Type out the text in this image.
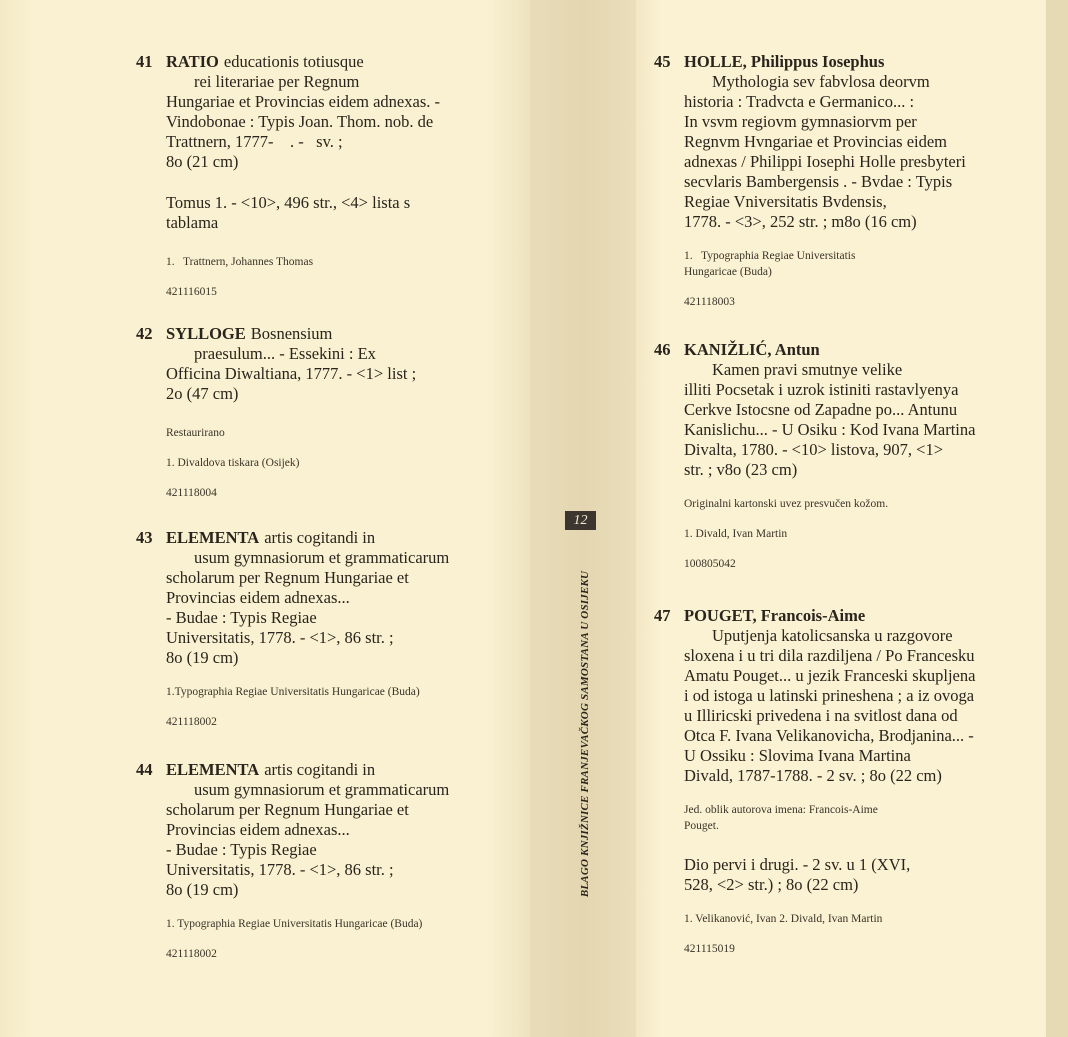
41 RATIO educationis totiusque
rei literariae per Regnum
Hungariae et Provincias eidem adnexas. -
Vindobonae : Typis Joan. Thom. nob. de
Trattnern, 1777-    . -   sv. ;
8o (21 cm)
Tomus 1. - <10>, 496 str., <4> lista s
tablama
1.   Trattnern, Johannes Thomas
421116015
42 SYLLOGE Bosnensium
praesulum... - Essekini : Ex
Officina Diwaltiana, 1777. - <1> list ;
2o (47 cm)
Restaurirano
1. Divaldova tiskara (Osijek)
421118004
43 ELEMENTA artis cogitandi in
usum gymnasiorum et grammaticarum
scholarum per Regnum Hungariae et
Provincias eidem adnexas...
- Budae : Typis Regiae
Universitatis, 1778. - <1>, 86 str. ;
8o (19 cm)
1.Typographia Regiae Universitatis Hungaricae (Buda)
421118002
44 ELEMENTA artis cogitandi in
usum gymnasiorum et grammaticarum
scholarum per Regnum Hungariae et
Provincias eidem adnexas...
- Budae : Typis Regiae
Universitatis, 1778. - <1>, 86 str. ;
8o (19 cm)
1. Typographia Regiae Universitatis Hungaricae (Buda)
421118002
12
BLAGO KNJIŽNICE FRANJEVAČKOG SAMOSTANA U OSIJEKU
45 HOLLE, Philippus Iosephus
Mythologia sev fabvlosa deorvm
historia : Tradvcta e Germanico... :
In vsvm regiovm gymnasiorvm per
Regnvm Hvngariae et Provincias eidem
adnexas / Philippi Iosephi Holle presbyteri
secvlaris Bambergensis . - Bvdae : Typis
Regiae Vniversitatis Bvdensis,
1778. - <3>, 252 str. ; m8o (16 cm)
1.   Typographia Regiae Universitatis
Hungaricae (Buda)
421118003
46 KANIŽLIĆ, Antun
Kamen pravi smutnye velike
illiti Pocsetak i uzrok istiniti rastavlyenya
Cerkve Istocsne od Zapadne po... Antunu
Kanislichu... - U Osiku : Kod Ivana Martina
Divalta, 1780. - <10> listova, 907, <1>
str. ; v8o (23 cm)
Originalni kartonski uvez presvučen kožom.
1. Divald, Ivan Martin
100805042
47 POUGET, Francois-Aime
Uputjenja katolicsanska u razgovore
sloxena i u tri dila razdiljena / Po Francesku
Amatu Pouget... u jezik Franceski skupljena
i od istoga u latinski prineshena ; a iz ovoga
u Illiricski privedena i na svitlost dana od
Otca F. Ivana Velikanovicha, Brodjanina... -
U Ossiku : Slovima Ivana Martina
Divald, 1787-1788. - 2 sv. ; 8o (22 cm)
Jed. oblik autorova imena: Francois-Aime
Pouget.
Dio pervi i drugi. - 2 sv. u 1 (XVI,
528, <2> str.) ; 8o (22 cm)
1. Velikanović, Ivan 2. Divald, Ivan Martin
421115019
